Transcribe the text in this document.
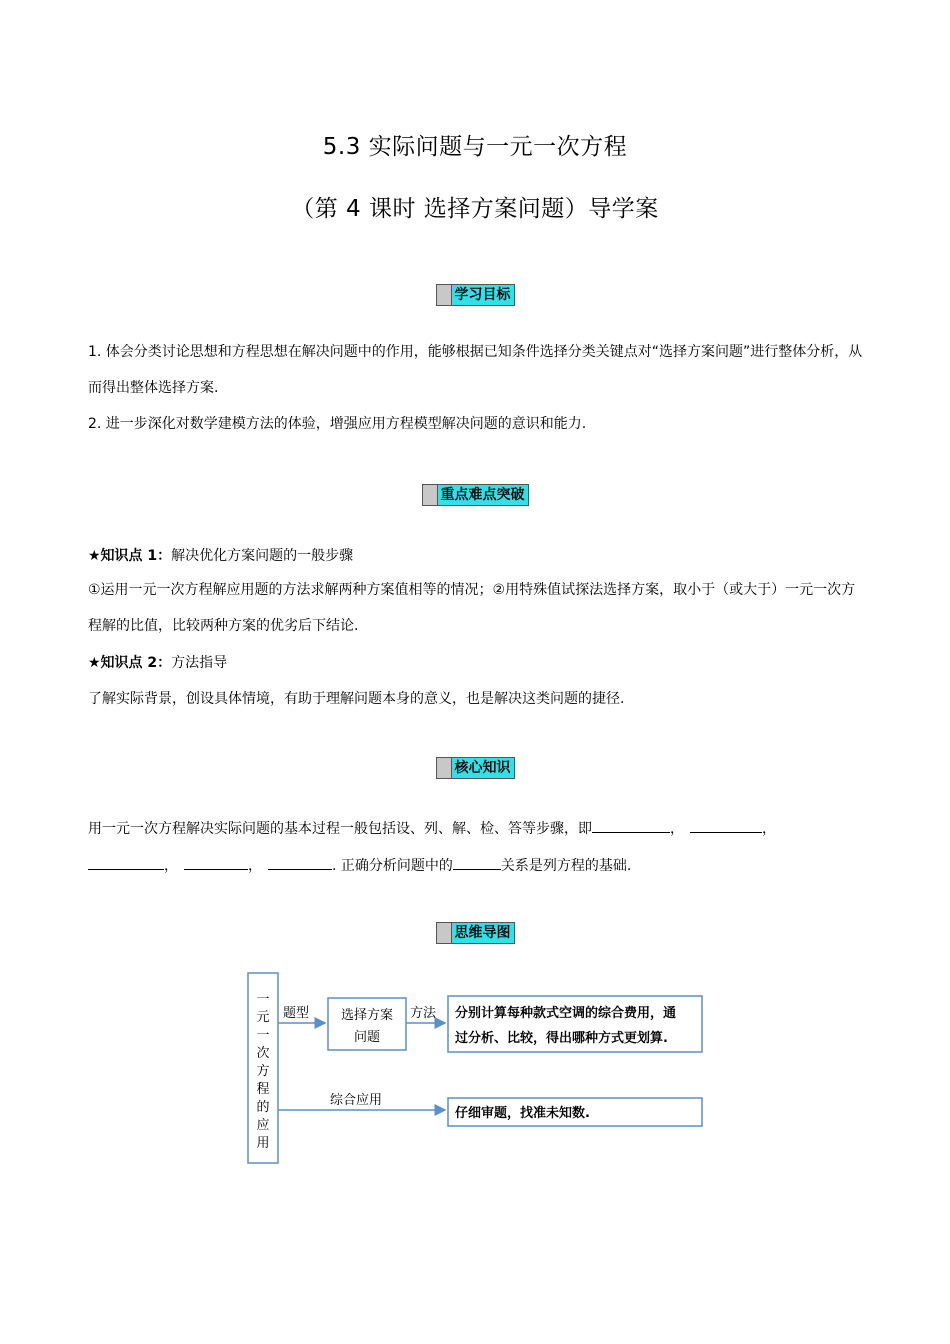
5.3 实际问题与一元一次方程
（第 4 课时 选择方案问题）导学案
学习目标
1. 体会分类讨论思想和方程思想在解决问题中的作用，能够根据已知条件选择分类关键点对“选择方案问题”进行整体分析，从而得出整体选择方案.
2. 进一步深化对数学建模方法的体验，增强应用方程模型解决问题的意识和能力.
重点难点突破
★知识点 1：解决优化方案问题的一般步骤
①运用一元一次方程解应用题的方法求解两种方案值相等的情况；②用特殊值试探法选择方案，取小于（或大于）一元一次方程解的比值，比较两种方案的优劣后下结论.
★知识点 2：方法指导
了解实际背景，创设具体情境，有助于理解问题本身的意义，也是解决这类问题的捷径.
核心知识
用一元一次方程解决实际问题的基本过程一般包括设、列、解、检、答等步骤，即	，	，
，	，	. 正确分析问题中的	关系是列方程的基础.
思维导图
一
元
一
次
方
程
的
应
用
题型 选择方案
问题
方法 分别计算每种款式空调的综合费用，通
过分析、比较，得出哪种方式更划算.
综合应用
仔细审题，找准未知数.
